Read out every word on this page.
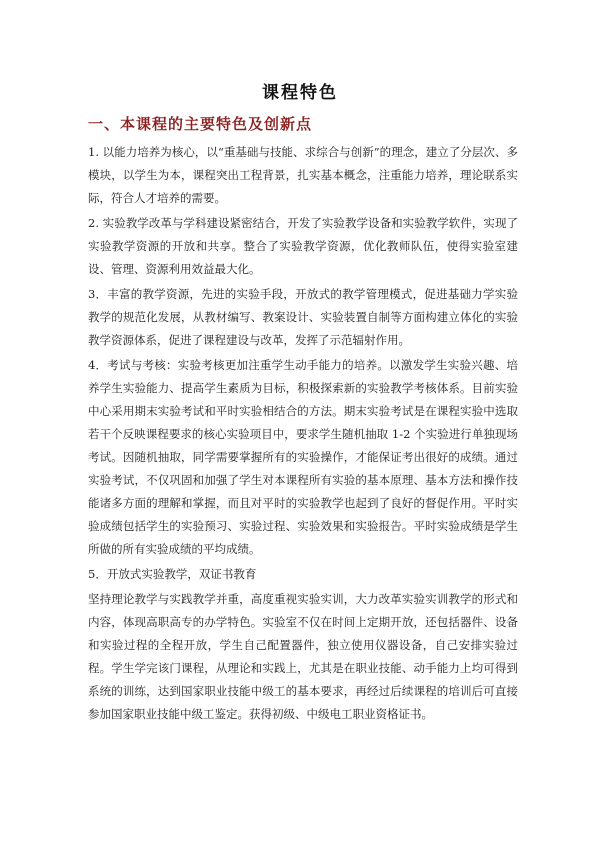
课程特色
一、本课程的主要特色及创新点

1. 以能力培养为核心，以“重基础与技能、求综合与创新”的理念，建立了分层次、多模块，以学生为本，课程突出工程背景，扎实基本概念，注重能力培养，理论联系实际，符合人才培养的需要。

2. 实验教学改革与学科建设紧密结合，开发了实验教学设备和实验教学软件，实现了实验教学资源的开放和共享。整合了实验教学资源，优化教师队伍，使得实验室建设、管理、资源利用效益最大化。

3．丰富的教学资源，先进的实验手段，开放式的教学管理模式，促进基础力学实验教学的规范化发展，从教材编写、教案设计、实验装置自制等方面构建立体化的实验教学资源体系，促进了课程建设与改革，发挥了示范辐射作用。

4．考试与考核：实验考核更加注重学生动手能力的培养。以激发学生实验兴趣、培养学生实验能力、提高学生素质为目标，积极探索新的实验教学考核体系。目前实验中心采用期末实验考试和平时实验相结合的方法。期末实验考试是在课程实验中选取若干个反映课程要求的核心实验项目中，要求学生随机抽取 1-2 个实验进行单独现场考试。因随机抽取，同学需要掌握所有的实验操作，才能保证考出很好的成绩。通过实验考试，不仅巩固和加强了学生对本课程所有实验的基本原理、基本方法和操作技能诸多方面的理解和掌握，而且对平时的实验教学也起到了良好的督促作用。平时实验成绩包括学生的实验预习、实验过程、实验效果和实验报告。平时实验成绩是学生所做的所有实验成绩的平均成绩。

5．开放式实验教学，双证书教育

坚持理论教学与实践教学并重，高度重视实验实训，大力改革实验实训教学的形式和内容，体现高职高专的办学特色。实验室不仅在时间上定期开放，还包括器件、设备和实验过程的全程开放，学生自己配置器件，独立使用仪器设备，自己安排实验过程。学生学完该门课程，从理论和实践上，尤其是在职业技能、动手能力上均可得到系统的训练，达到国家职业技能中级工的基本要求，再经过后续课程的培训后可直接参加国家职业技能中级工鉴定。获得初级、中级电工职业资格证书。
